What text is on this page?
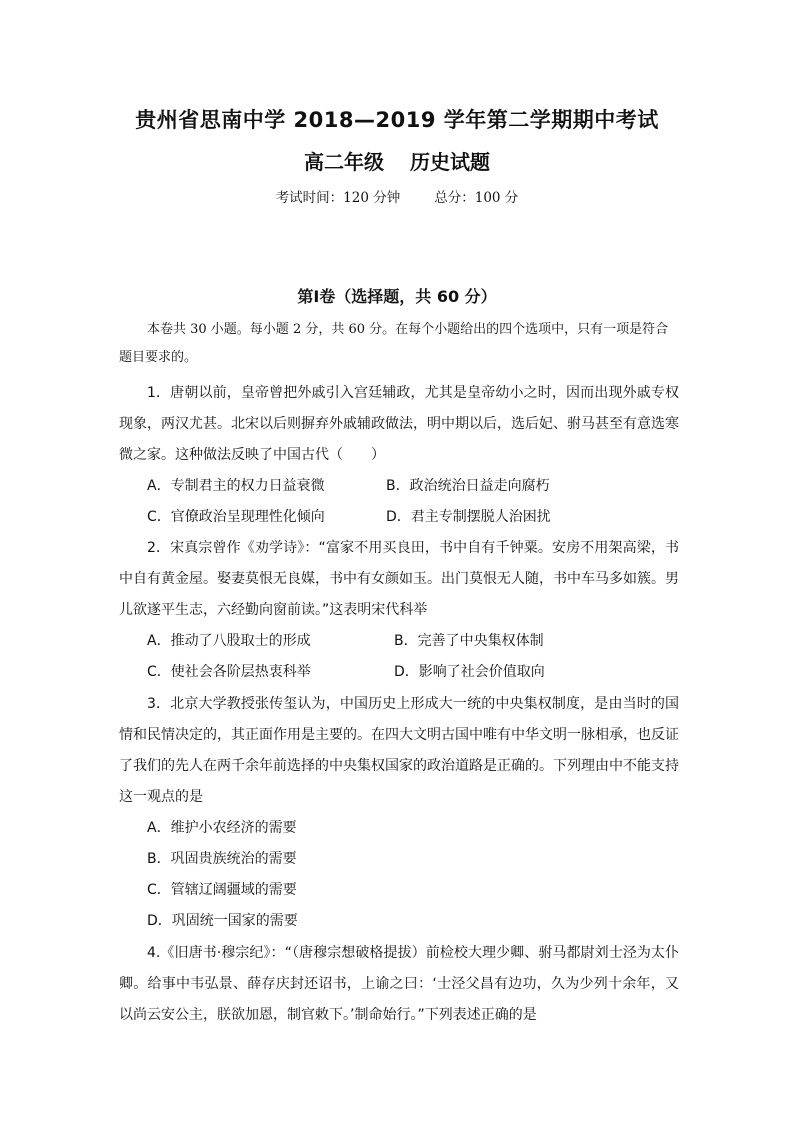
贵州省思南中学 2018—2019 学年第二学期期中考试
高二年级 历史试题
考试时间：120 分钟	总分：100 分
第Ⅰ卷（选择题，共 60 分）
本卷共 30 小题。每小题 2 分，共 60 分。在每个小题给出的四个选项中，只有一项是符合题目要求的。
1．唐朝以前，皇帝曾把外戚引入宫廷辅政，尤其是皇帝幼小之时，因而出现外戚专权现象，两汉尤甚。北宋以后则摒弃外戚辅政做法，明中期以后，选后妃、驸马甚至有意选寒微之家。这种做法反映了中国古代（　　）
A．专制君主的权力日益衰微	B．政治统治日益走向腐朽
C．官僚政治呈现理性化倾向	D．君主专制摆脱人治困扰
2．宋真宗曾作《劝学诗》：“富家不用买良田，书中自有千钟粟。安房不用架高梁，书中自有黄金屋。娶妻莫恨无良媒，书中有女颜如玉。出门莫恨无人随，书中车马多如簇。男儿欲遂平生志，六经勤向窗前读。”这表明宋代科举
A．推动了八股取士的形成	B．完善了中央集权体制
C．使社会各阶层热衷科举	D．影响了社会价值取向
3．北京大学教授张传玺认为，中国历史上形成大一统的中央集权制度，是由当时的国情和民情决定的，其正面作用是主要的。在四大文明古国中唯有中华文明一脉相承，也反证了我们的先人在两千余年前选择的中央集权国家的政治道路是正确的。下列理由中不能支持这一观点的是
A．维护小农经济的需要
B．巩固贵族统治的需要
C．管辖辽阔疆域的需要
D．巩固统一国家的需要
4.《旧唐书·穆宗纪》：“（唐穆宗想破格提拔）前检校大理少卿、驸马都尉刘士泾为太仆卿。给事中韦弘景、薛存庆封还诏书，上谕之曰：‘士泾父昌有边功，久为少列十余年，又以尚云安公主，朕欲加恩，制官敕下。’制命始行。”下列表述正确的是
